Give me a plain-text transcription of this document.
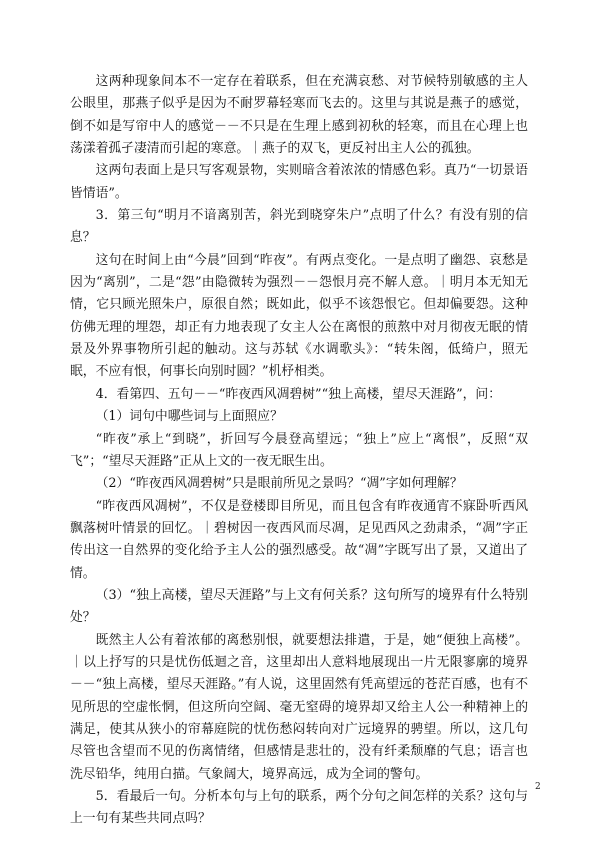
这两种现象间本不一定存在着联系，但在充满哀愁、对节候特别敏感的主人公眼里，那燕子似乎是因为不耐罗幕轻寒而飞去的。这里与其说是燕子的感觉，倒不如是写帘中人的感觉－－不只是在生理上感到初秋的轻寒，而且在心理上也荡漾着孤孑凄清而引起的寒意。｜燕子的双飞，更反衬出主人公的孤独。

这两句表面上是只写客观景物，实则暗含着浓浓的情感色彩。真乃“一切景语皆情语”。

3．第三句“明月不谙离别苦，斜光到晓穿朱户”点明了什么？有没有别的信息？

这句在时间上由“今晨”回到“昨夜”。有两点变化。一是点明了幽怨、哀愁是因为“离别”，二是“怨”由隐微转为强烈－－怨恨月亮不解人意。｜明月本无知无情，它只顾光照朱户，原很自然；既如此，似乎不该怨恨它。但却偏要怨。这种仿佛无理的埋怨，却正有力地表现了女主人公在离恨的煎熬中对月彻夜无眠的情景及外界事物所引起的触动。这与苏轼《水调歌头》：“转朱阁，低绮户，照无眠，不应有恨，何事长向别时圆？”机杼相类。

4．看第四、五句－－“昨夜西风凋碧树”“独上高楼，望尽天涯路”，问：

（1）词句中哪些词与上面照应？

“昨夜”承上“到晓”，折回写今晨登高望远；“独上”应上“离恨”，反照“双飞”；“望尽天涯路”正从上文的一夜无眠生出。

（2）“昨夜西风凋碧树”只是眼前所见之景吗？“凋”字如何理解？

“昨夜西风凋树”，不仅是登楼即目所见，而且包含有昨夜通宵不寐卧听西风飘落树叶情景的回忆。｜碧树因一夜西风而尽凋，足见西风之劲肃杀，“凋”字正传出这一自然界的变化给予主人公的强烈感受。故“凋”字既写出了景，又道出了情。

（3）“独上高楼，望尽天涯路”与上文有何关系？这句所写的境界有什么特别处？

既然主人公有着浓郁的离愁别恨，就要想法排遣，于是，她“便独上高楼”。｜以上抒写的只是忧伤低迴之音，这里却出人意料地展现出一片无限寥廓的境界－－“独上高楼，望尽天涯路。”有人说，这里固然有凭高望远的苍茫百感，也有不见所思的空虚怅惘，但这所向空阔、毫无窒碍的境界却又给主人公一种精神上的满足，使其从狭小的帘幕庭院的忧伤愁闷转向对广远境界的骋望。所以，这几句尽管也含望而不见的伤离情绪，但感情是悲壮的，没有纤柔颓靡的气息；语言也洗尽铅华，纯用白描。气象阔大，境界高远，成为全词的警句。

5．看最后一句。分析本句与上句的联系，两个分句之间怎样的关系？这句与上一句有某些共同点吗？

2
